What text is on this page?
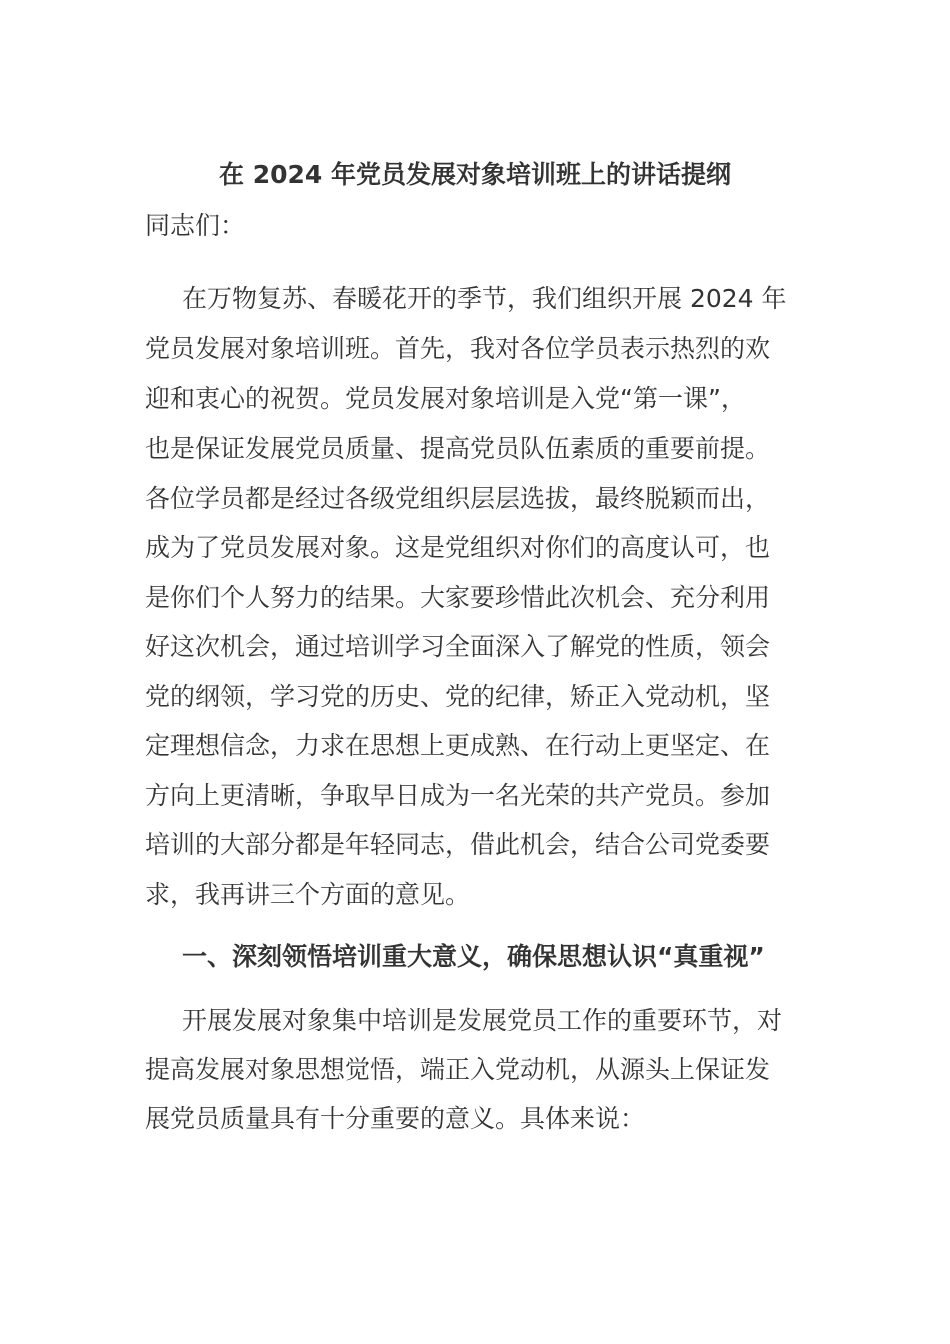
在 2024 年党员发展对象培训班上的讲话提纲
同志们：
在万物复苏、春暖花开的季节，我们组织开展 2024 年
党员发展对象培训班。首先，我对各位学员表示热烈的欢
迎和衷心的祝贺。党员发展对象培训是入党“第一课”，
也是保证发展党员质量、提高党员队伍素质的重要前提。
各位学员都是经过各级党组织层层选拔，最终脱颖而出，
成为了党员发展对象。这是党组织对你们的高度认可，也
是你们个人努力的结果。大家要珍惜此次机会、充分利用
好这次机会，通过培训学习全面深入了解党的性质，领会
党的纲领，学习党的历史、党的纪律，矫正入党动机，坚
定理想信念，力求在思想上更成熟、在行动上更坚定、在
方向上更清晰，争取早日成为一名光荣的共产党员。参加
培训的大部分都是年轻同志，借此机会，结合公司党委要
求，我再讲三个方面的意见。
一、深刻领悟培训重大意义，确保思想认识“真重视”
开展发展对象集中培训是发展党员工作的重要环节，对
提高发展对象思想觉悟，端正入党动机，从源头上保证发
展党员质量具有十分重要的意义。具体来说：
